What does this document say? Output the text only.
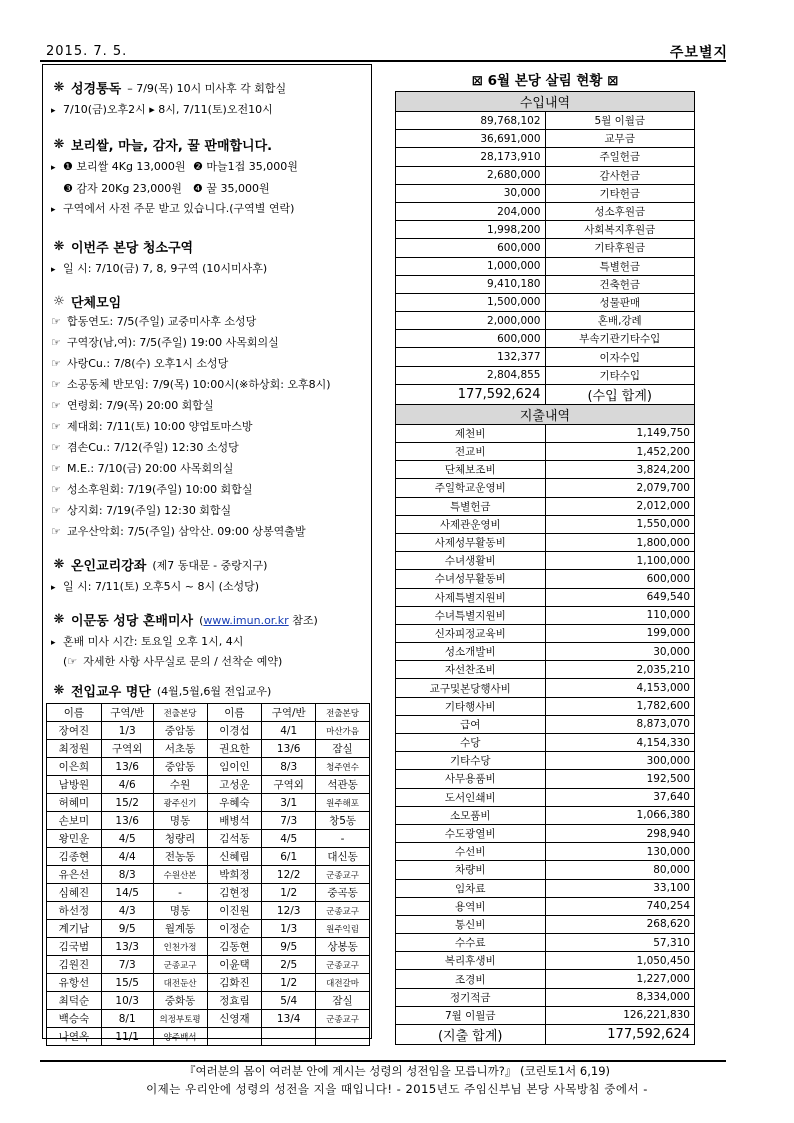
2015. 7. 5.	주보별지
❋ 성경통독 – 7/9(목) 10시 미사후 각 회합실
▸ 7/10(금)오후2시 ▸ 8시, 7/11(토)오전10시
❋ 보리쌀, 마늘, 감자, 꿀 판매합니다.
▸ ❶ 보리쌀 4Kg 13,000원 ❷ 마늘1접 35,000원
❸ 감자 20Kg 23,000원 ❹ 꿀 35,000원
▸ 구역에서 사전 주문 받고 있습니다.(구역별 연락)
❋ 이번주 본당 청소구역
▸ 일 시: 7/10(금) 7, 8, 9구역 (10시미사후)
☼ 단체모임
☞ 합동연도: 7/5(주일) 교중미사후 소성당
☞ 구역장(남,여): 7/5(주일) 19:00 사목회의실
☞ 사랑Cu.: 7/8(수) 오후1시 소성당
☞ 소공동체 반모임: 7/9(목) 10:00시(※하상회: 오후8시)
☞ 연령회: 7/9(목) 20:00 회합실
☞ 제대회: 7/11(토) 10:00 양업토마스방
☞ 겸손Cu.: 7/12(주일) 12:30 소성당
☞ M.E.: 7/10(금) 20:00 사목회의실
☞ 성소후원회: 7/19(주일) 10:00 회합실
☞ 상지회: 7/19(주일) 12:30 회합실
☞ 교우산악회: 7/5(주일) 삼악산. 09:00 상봉역출발
❋ 온인교리강좌 (제7 동대문 - 중랑지구)
▸ 일 시: 7/11(토) 오후5시 ~ 8시 (소성당)
❋ 이문동 성당 혼배미사 (www.imun.or.kr 참조)
▸ 혼배 미사 시간: 토요일 오후 1시, 4시
(☞ 자세한 사항 사무실로 문의 / 선착순 예약)
❋ 전입교우 명단 (4월,5월,6월 전입교우)
이름	구역/반	전출본당	이름	구역/반	전출본당
장여진	1/3	중암동	이경섭	4/1	마산가음
최정원	구역외	서초동	권요한	13/6	잠실
이은희	13/6	중암동	임이인	8/3	청주연수
남방원	4/6	수원	고성운	구역외	석관동
허혜미	15/2	광주신기	우혜숙	3/1	원주해포
손보미	13/6	명동	배병석	7/3	창5동
왕민운	4/5	청량리	김석동	4/5	-
김종현	4/4	전농동	신혜림	6/1	대신동
유은선	8/3	수원산본	박희정	12/2	군종교구
심혜진	14/5	-	김현정	1/2	중곡동
하선정	4/3	명동	이진원	12/3	군종교구
계기남	9/5	월계동	이정순	1/3	원주익림
김국범	13/3	인천가정	김동현	9/5	상봉동
김원진	7/3	군종교구	이윤택	2/5	군종교구
유항선	15/5	대전둔산	김화진	1/2	대전갈마
최덕순	10/3	중화동	정효림	5/4	잠실
백승숙	8/1	의정부토평	신영재	13/4	군종교구
나연옥	11/1	양주백석			
⊠ 6월 본당 살림 현황 ⊠
수입내역	
89,768,102	5월 이월금
36,691,000	교무금
28,173,910	주일헌금
2,680,000	감사헌금
30,000	기타헌금
204,000	성소후원금
1,998,200	사회복지후원금
600,000	기타후원금
1,000,000	특별헌금
9,410,180	건축헌금
1,500,000	성물판매
2,000,000	혼배,강례
600,000	부속기관기타수입
132,377	이자수입
2,804,855	기타수입
177,592,624	(수입 합계)
지출내역	
제천비	1,149,750
전교비	1,452,200
단체보조비	3,824,200
주일학교운영비	2,079,700
특별헌금	2,012,000
사제관운영비	1,550,000
사제성무활동비	1,800,000
수녀생활비	1,100,000
수녀성무활동비	600,000
사제특별지원비	649,540
수녀특별지원비	110,000
신자피정교육비	199,000
성소개발비	30,000
자선찬조비	2,035,210
교구및본당행사비	4,153,000
기타행사비	1,782,600
급여	8,873,070
수당	4,154,330
기타수당	300,000
사무용품비	192,500
도서인쇄비	37,640
소모품비	1,066,380
수도광열비	298,940
수선비	130,000
차량비	80,000
임차료	33,100
용역비	740,254
통신비	268,620
수수료	57,310
복리후생비	1,050,450
조경비	1,227,000
정기적금	8,334,000
7월 이월금	126,221,830
(지출 합계)	177,592,624
『여러분의 몸이 여러분 안에 계시는 성령의 성전임을 모릅니까?』 (코린토1서 6,19)
이제는 우리안에 성령의 성전을 지을 때입니다! - 2015년도 주임신부님 본당 사목방침 중에서 -
